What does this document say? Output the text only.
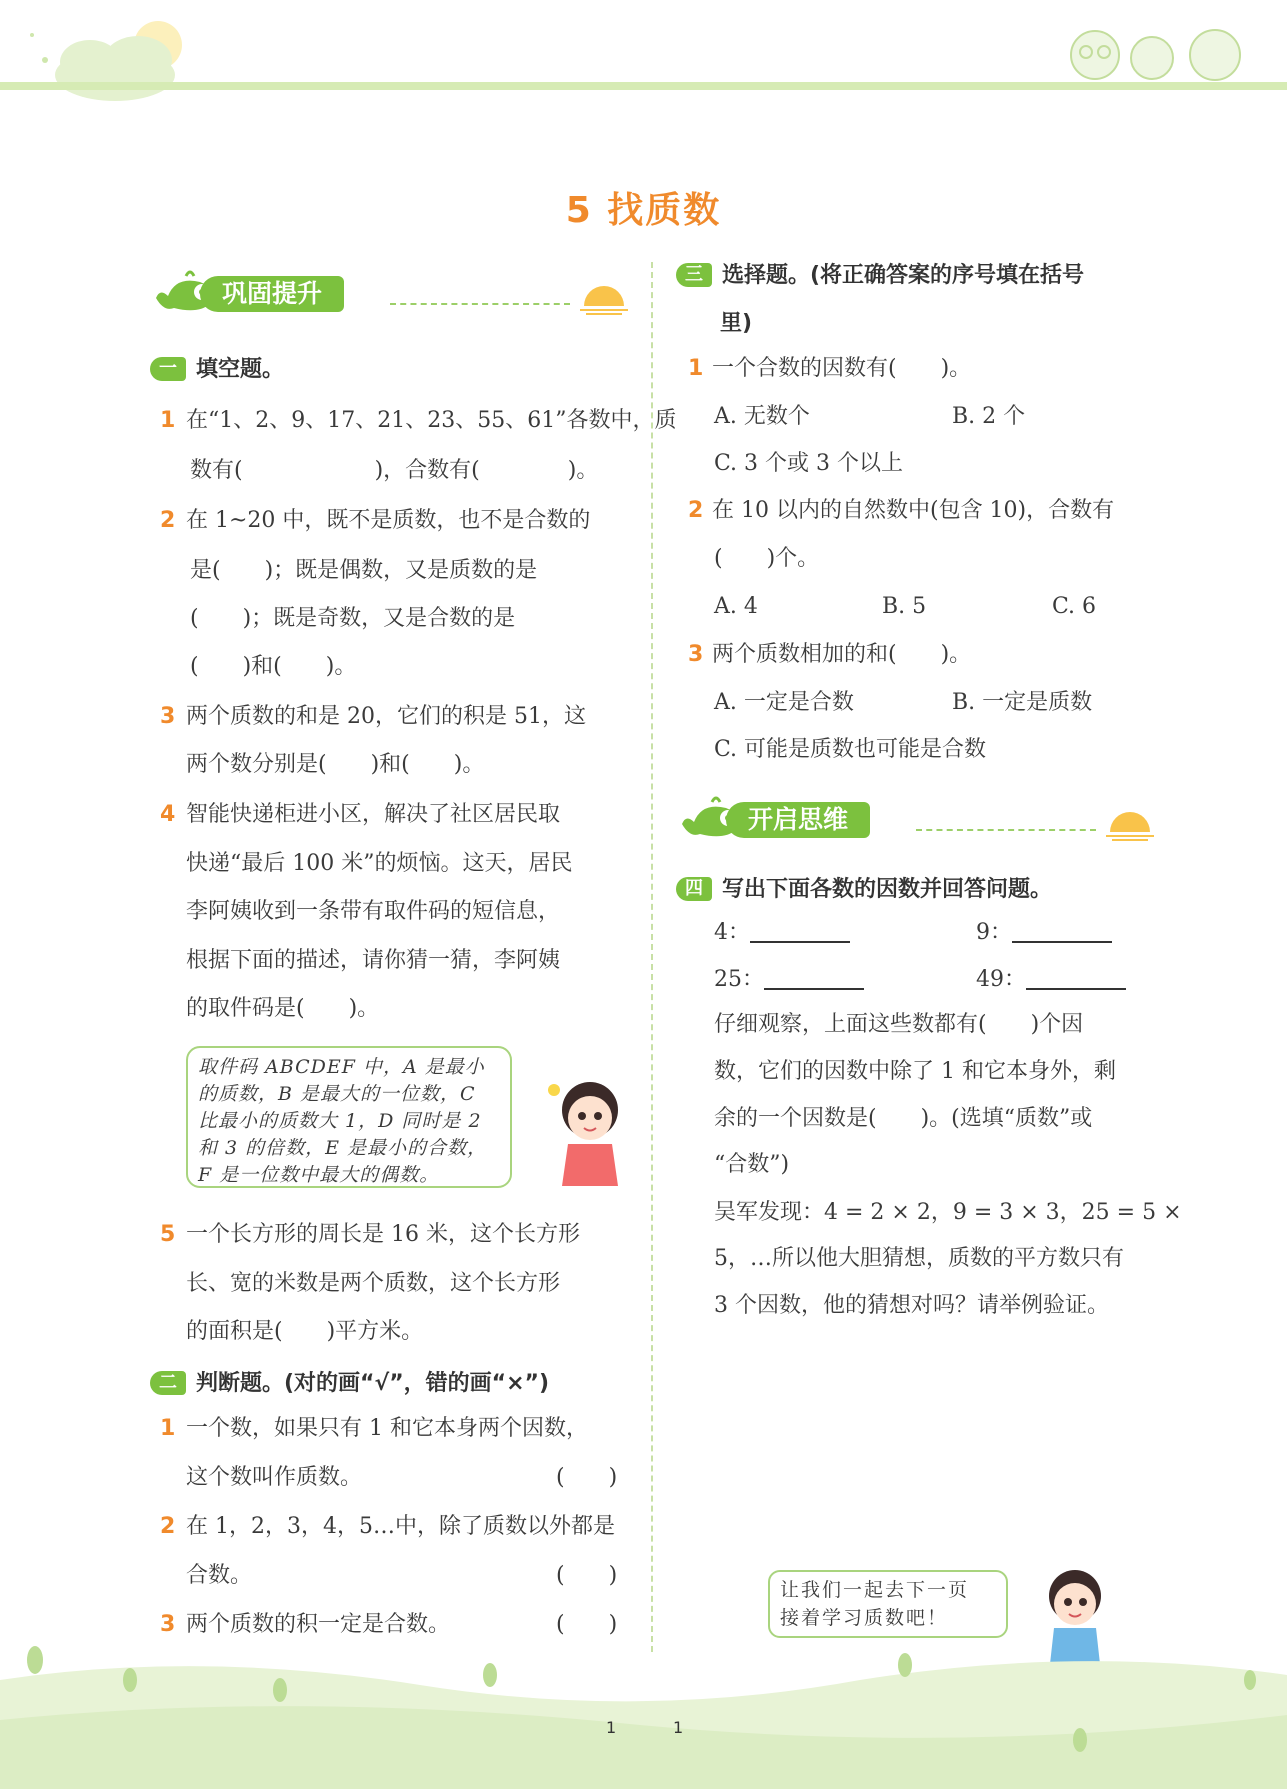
5 找质数
巩固提升
开启思维
一 填空题。
1 在“1、2、9、17、21、23、55、61”各数中，质
数有(　　　　　　)，合数有(　　　　)。
2 在 1~20 中，既不是质数，也不是合数的
是(　　)；既是偶数，又是质数的是
(　　)；既是奇数，又是合数的是
(　　)和(　　)。
3 两个质数的和是 20，它们的积是 51，这
两个数分别是(　　)和(　　)。
4 智能快递柜进小区，解决了社区居民取
快递“最后 100 米”的烦恼。这天，居民
李阿姨收到一条带有取件码的短信息，
根据下面的描述，请你猜一猜，李阿姨
的取件码是(　　)。
取件码 ABCDEF 中，A 是最小
的质数，B 是最大的一位数，C
比最小的质数大 1，D 同时是 2
和 3 的倍数，E 是最小的合数，
F 是一位数中最大的偶数。
5 一个长方形的周长是 16 米，这个长方形
长、宽的米数是两个质数，这个长方形
的面积是(　　)平方米。
二 判断题。(对的画“√”，错的画“×”)
1 一个数，如果只有 1 和它本身两个因数，
这个数叫作质数。	(　　)
2 在 1，2，3，4，5…中，除了质数以外都是
合数。	(　　)
3 两个质数的积一定是合数。	(　　)
三 选择题。(将正确答案的序号填在括号
里)
1 一个合数的因数有(　　)。
A. 无数个	B. 2 个
C. 3 个或 3 个以上
2 在 10 以内的自然数中(包含 10)，合数有
(　　)个。
A. 4	B. 5	C. 6
3 两个质数相加的和(　　)。
A. 一定是合数	B. 一定是质数
C. 可能是质数也可能是合数
四 写出下面各数的因数并回答问题。
4：	9：
25：	49：
仔细观察，上面这些数都有(　　)个因
数，它们的因数中除了 1 和它本身外，剩
余的一个因数是(　　)。(选填“质数”或
“合数”)
吴军发现：4 = 2 × 2，9 = 3 × 3，25 = 5 ×
5，…所以他大胆猜想，质数的平方数只有
3 个因数，他的猜想对吗？请举例验证。
让我们一起去下一页
接着学习质数吧！
1	1
